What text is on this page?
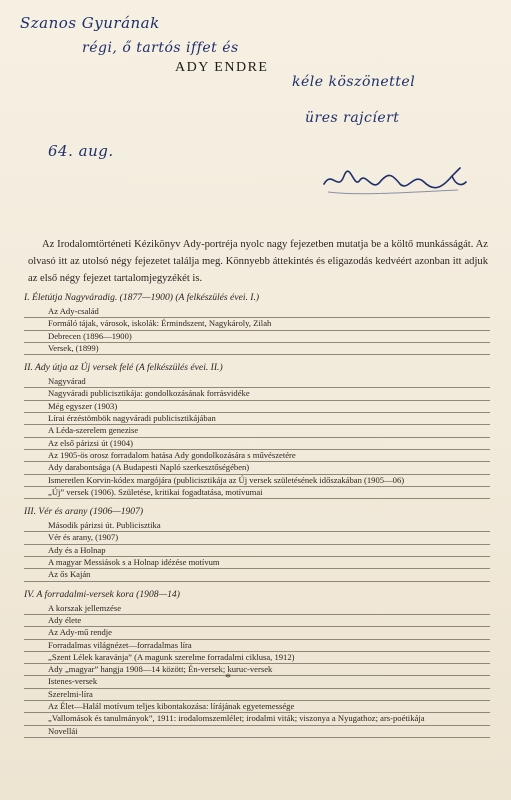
Szanos Gyurának
régi, ő tartós iffet és
kéle köszönettel
üres rajcíert
64. aug.
ADY ENDRE

Az Irodalomtörténeti Kézikönyv Ady-portréja nyolc nagy fejezetben mutatja be a költő munkásságát. Az olvasó itt az utolsó négy fejezetet találja meg. Könnyebb áttekintés és eligazodás kedvéért azonban itt adjuk az első négy fejezet tartalomjegyzékét is.

I. Életútja Nagyváradig. (1877—1900) (A felkészülés évei. I.)
Az Ady-család
Formáló tájak, városok, iskolák: Érmindszent, Nagykároly, Zilah
Debrecen (1896—1900)
Versek, (1899)
II. Ady útja az Új versek felé (A felkészülés évei. II.)
Nagyvárad
Nagyváradi publicisztikája: gondolkozásának forrásvidéke
Még egyszer (1903)
Lírai érzéstömbök nagyváradi publicisztikájában
A Léda-szerelem genezise
Az első párizsi út (1904)
Az 1905-ös orosz forradalom hatása Ady gondolkozására s művészetére
Ady darabontsága (A Budapesti Napló szerkesztőségében)
Ismeretlen Korvin-kódex margójára (publicisztikája az Új versek születésének időszakában (1905—06)
„Új” versek (1906). Születése, kritikai fogadtatása, motívumai
III. Vér és arany (1906—1907)
Második párizsi út. Publicisztika
Vér és arany, (1907)
Ady és a Holnap
A magyar Messiások s a Holnap idézése motívum
Az ős Kaján
IV. A forradalmi-versek kora (1908—14)
A korszak jellemzése
Ady élete
Az Ady-mű rendje
Forradalmas világnézet—forradalmas líra
„Szent Lélek karavánja” (A magunk szerelme forradalmi ciklusa, 1912)
Ady „magyar” hangja 1908—14 között; Én-versek; kuruc-versek
Istenes-versek
Szerelmi-líra
Az Élet—Halál motívum teljes kibontakozása: lírájának egyetemessége
„Vallomások és tanulmányok”, 1911: irodalomszemlélet; irodalmi viták; viszonya a Nyugathoz; ars-poétikája
Novellái
*
